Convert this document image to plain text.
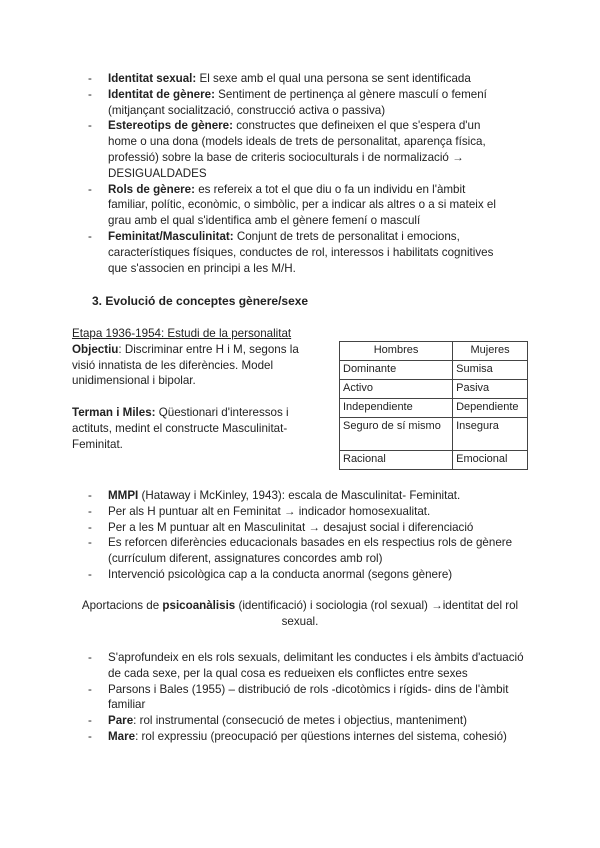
- Identitat sexual: El sexe amb el qual una persona se sent identificada
- Identitat de gènere: Sentiment de pertinença al gènere masculí o femení (mitjançant socialització, construcció activa o passiva)
- Estereotips de gènere: constructes que defineixen el que s'espera d'un home o una dona (models ideals de trets de personalitat, aparença física, professió) sobre la base de criteris socioculturals i de normalizació → DESIGUALDADES
- Rols de gènere: es refereix a tot el que diu o fa un individu en l'àmbit familiar, polític, econòmic, o simbòlic, per a indicar als altres o a si mateix el grau amb el qual s'identifica amb el gènere femení o masculí
- Feminitat/Masculinitat: Conjunt de trets de personalitat i emocions, característiques físiques, conductes de rol, interessos i habilitats cognitives que s'associen en principi a les M/H.
3. Evolució de conceptes gènere/sexe
Etapa 1936-1954: Estudi de la personalitat
Objectiu: Discriminar entre H i M, segons la visió innatista de les diferències. Model unidimensional i bipolar.
Terman i Miles: Qüestionari d'interessos i actituts, medint el constructe Masculinitat-Feminitat.
Hombres	Mujeres
Dominante	Sumisa
Activo	Pasiva
Independiente	Dependiente
Seguro de sí mismo	Insegura
Racional	Emocional
- MMPI (Hataway i McKinley, 1943): escala de Masculinitat- Feminitat.
- Per als H puntuar alt en Feminitat → indicador homosexualitat.
- Per a les M puntuar alt en Masculinitat → desajust social i diferenciació
- Es reforcen diferències educacionals basades en els respectius rols de gènere (currículum diferent, assignatures concordes amb rol)
- Intervenció psicològica cap a la conducta anormal (segons gènere)
Aportacions de psicoanàlisis (identificació) i sociologia (rol sexual) →identitat del rol sexual.
- S'aprofundeix en els rols sexuals, delimitant les conductes i els àmbits d'actuació de cada sexe, per la qual cosa es redueixen els conflictes entre sexes
- Parsons i Bales (1955) – distribució de rols -dicotòmics i rígids- dins de l'àmbit familiar
- Pare: rol instrumental (consecució de metes i objectius, manteniment)
- Mare: rol expressiu (preocupació per qüestions internes del sistema, cohesió)
